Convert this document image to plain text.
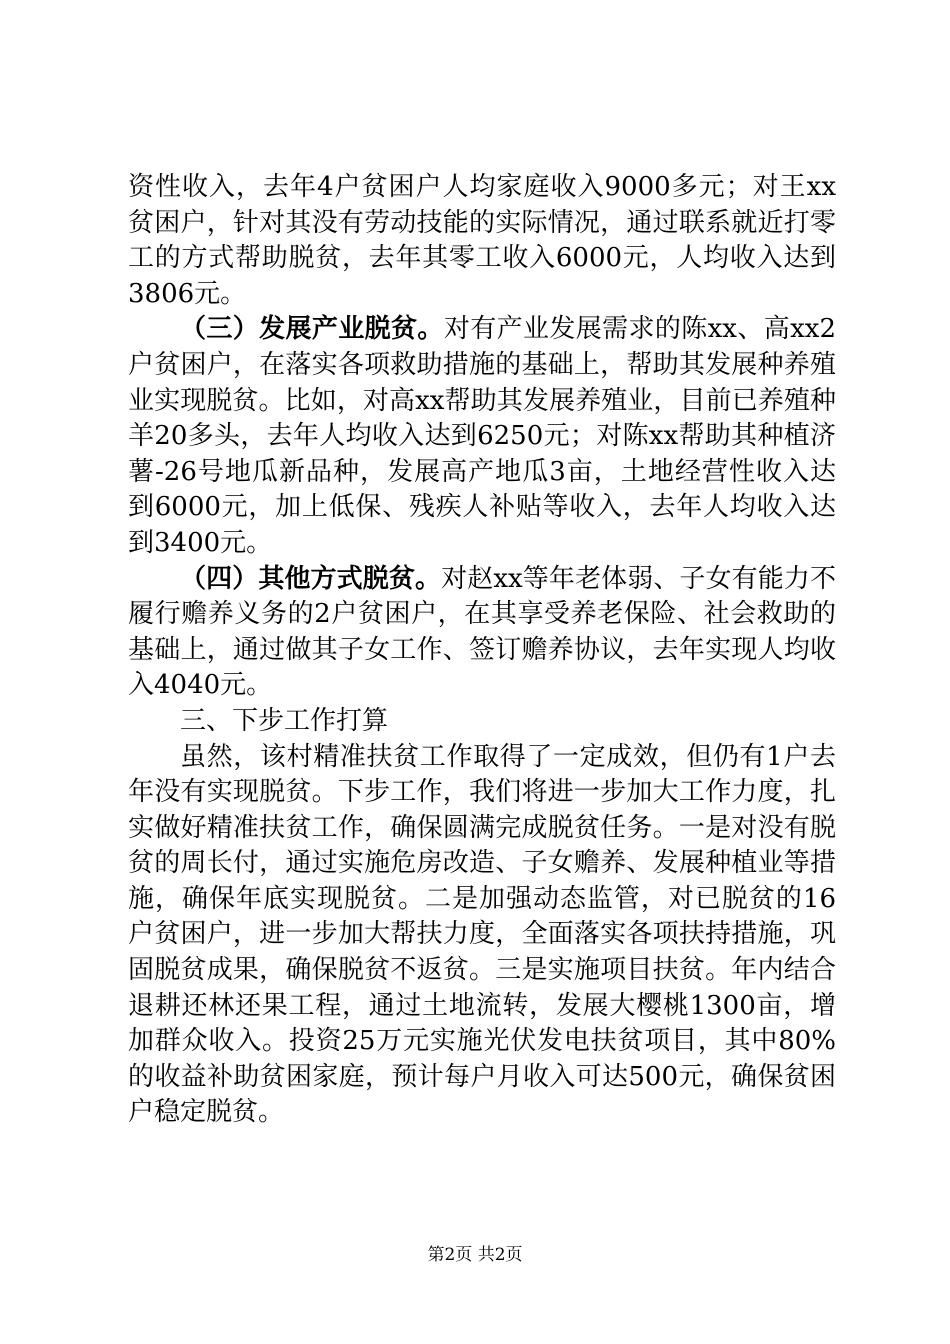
资性收入，去年4户贫困户人均家庭收入9000多元；对王xx贫困户，针对其没有劳动技能的实际情况，通过联系就近打零工的方式帮助脱贫，去年其零工收入6000元，人均收入达到3806元。

（三）发展产业脱贫。对有产业发展需求的陈xx、高xx2户贫困户，在落实各项救助措施的基础上，帮助其发展种养殖业实现脱贫。比如，对高xx帮助其发展养殖业，目前已养殖种羊20多头，去年人均收入达到6250元；对陈xx帮助其种植济薯-26号地瓜新品种，发展高产地瓜3亩，土地经营性收入达到6000元，加上低保、残疾人补贴等收入，去年人均收入达到3400元。

（四）其他方式脱贫。对赵xx等年老体弱、子女有能力不履行赡养义务的2户贫困户，在其享受养老保险、社会救助的基础上，通过做其子女工作、签订赡养协议，去年实现人均收入4040元。

三、下步工作打算

虽然，该村精准扶贫工作取得了一定成效，但仍有1户去年没有实现脱贫。下步工作，我们将进一步加大工作力度，扎实做好精准扶贫工作，确保圆满完成脱贫任务。一是对没有脱贫的周长付，通过实施危房改造、子女赡养、发展种植业等措施，确保年底实现脱贫。二是加强动态监管，对已脱贫的16户贫困户，进一步加大帮扶力度，全面落实各项扶持措施，巩固脱贫成果，确保脱贫不返贫。三是实施项目扶贫。年内结合退耕还林还果工程，通过土地流转，发展大樱桃1300亩，增加群众收入。投资25万元实施光伏发电扶贫项目，其中80%的收益补助贫困家庭，预计每户月收入可达500元，确保贫困户稳定脱贫。

第2页 共2页
